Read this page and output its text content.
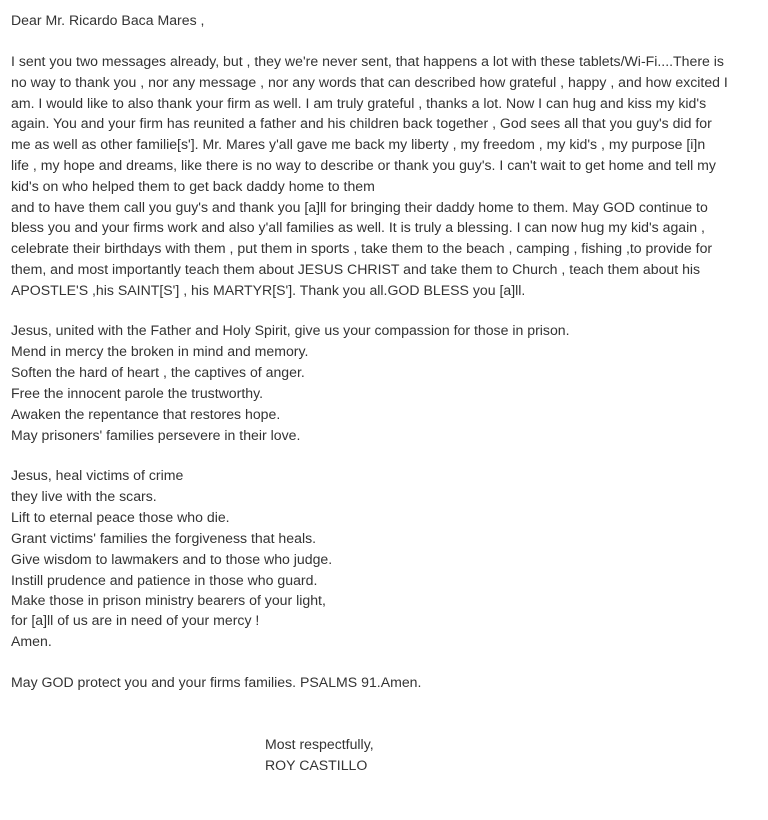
Dear Mr. Ricardo Baca Mares ,
I sent you two messages already, but , they we're never sent, that happens a lot with these tablets/Wi-Fi....There is
no way to thank you , nor any message , nor any words that can described how grateful , happy , and how excited I
am. I would like to also thank your firm as well. I am truly grateful , thanks a lot. Now I can hug and kiss my kid's
again. You and your firm has reunited a father and his children back together , God sees all that you guy's did for
me as well as other familie[s']. Mr. Mares y'all gave me back my liberty , my freedom , my kid's , my purpose [i]n
life , my hope and dreams, like there is no way to describe or thank you guy's. I can't wait to get home and tell my
kid's on who helped them to get back daddy home to them
and to have them call you guy's and thank you [a]ll for bringing their daddy home to them. May GOD continue to
bless you and your firms work and also y'all families as well. It is truly a blessing. I can now hug my kid's again ,
celebrate their birthdays with them , put them in sports , take them to the beach , camping , fishing ,to provide for
them, and most importantly teach them about JESUS CHRIST and take them to Church , teach them about his
APOSTLE'S ,his SAINT[S'] , his MARTYR[S']. Thank you all.GOD BLESS you [a]ll.
Jesus, united with the Father and Holy Spirit, give us your compassion for those in prison.
Mend in mercy the broken in mind and memory.
Soften the hard of heart , the captives of anger.
Free the innocent parole the trustworthy.
Awaken the repentance that restores hope.
May prisoners' families persevere in their love.
Jesus, heal victims of crime
they live with the scars.
Lift to eternal peace those who die.
Grant victims' families the forgiveness that heals.
Give wisdom to lawmakers and to those who judge.
Instill prudence and patience in those who guard.
Make those in prison ministry bearers of your light,
for [a]ll of us are in need of your mercy !
Amen.
May GOD protect you and your firms families. PSALMS 91.Amen.
Most respectfully,
ROY CASTILLO
